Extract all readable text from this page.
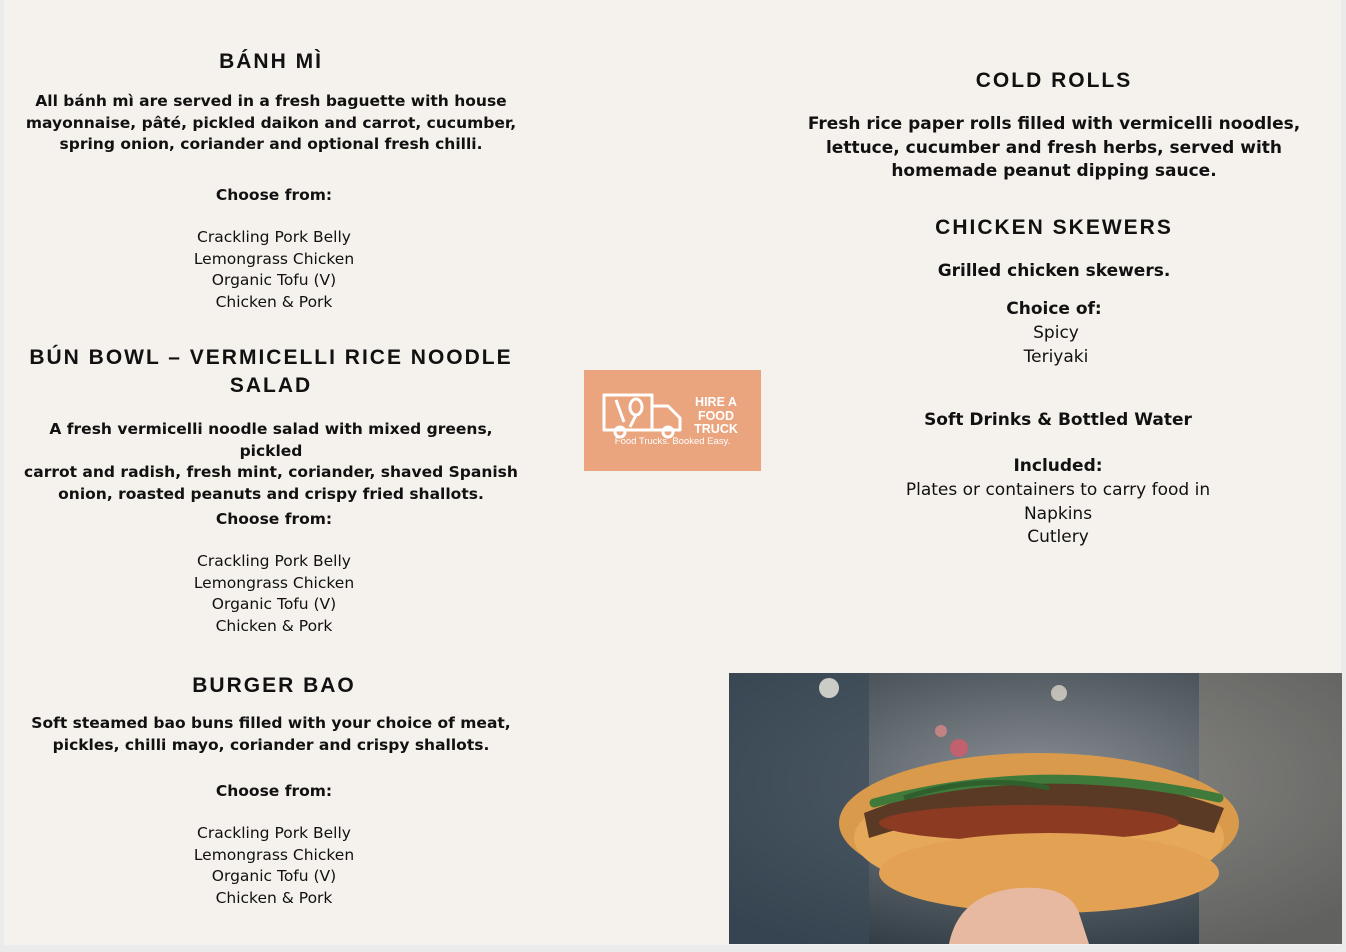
BÁNH MÌ

All bánh mì are served in a fresh baguette with house

mayonnaise, pâté, pickled daikon and carrot, cucumber,

spring onion, coriander and optional fresh chilli.

Choose from:
Crackling Pork Belly
Lemongrass Chicken
Organic Tofu (V)
Chicken & Pork
BÚN BOWL – VERMICELLI RICE NOODLE
SALAD

A fresh vermicelli noodle salad with mixed greens, pickled

carrot and radish, fresh mint, coriander, shaved Spanish

onion, roasted peanuts and crispy fried shallots.

Choose from:
Crackling Pork Belly
Lemongrass Chicken
Organic Tofu (V)
Chicken & Pork
BURGER BAO

Soft steamed bao buns filled with your choice of meat,

pickles, chilli mayo, coriander and crispy shallots.

Choose from:
Crackling Pork Belly
Lemongrass Chicken
Organic Tofu (V)
Chicken & Pork
HIRE A
FOOD
TRUCK
Food Trucks. Booked Easy.
COLD ROLLS

Fresh rice paper rolls filled with vermicelli noodles,

lettuce, cucumber and fresh herbs, served with

homemade peanut dipping sauce.

CHICKEN SKEWERS
Grilled chicken skewers.
Choice of:
Spicy
Teriyaki
Soft Drinks & Bottled Water
Included:
Plates or containers to carry food in
Napkins
Cutlery
